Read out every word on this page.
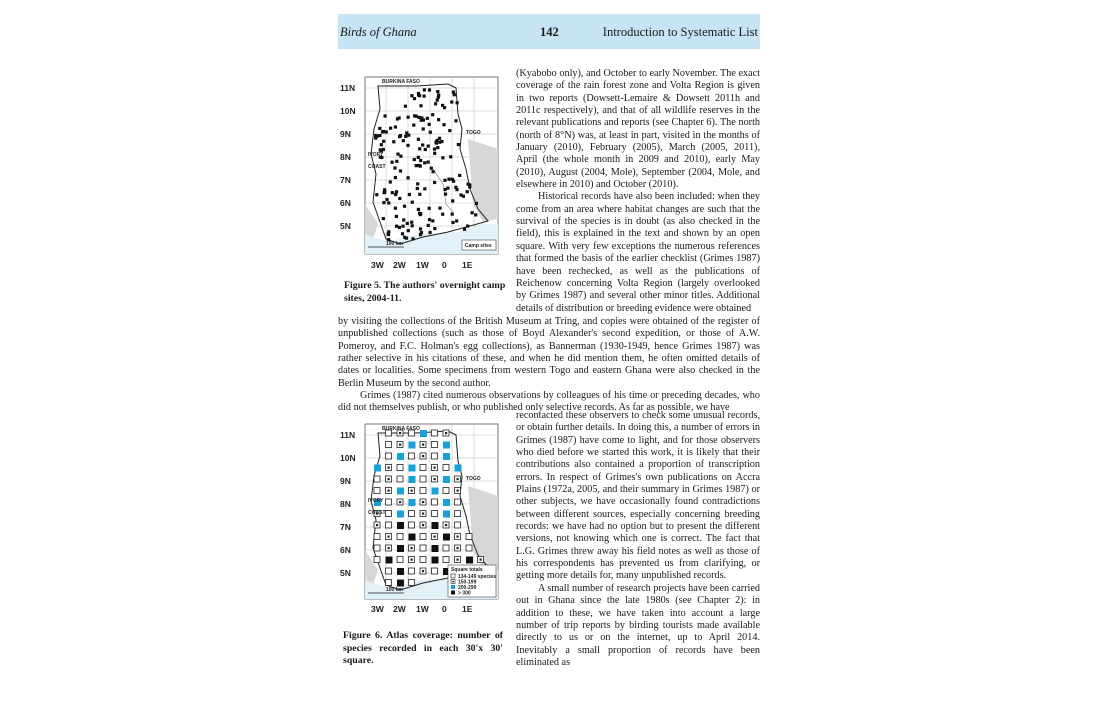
Birds of Ghana	142	Introduction to Systematic List
BURKINA FASO
TOGO
IVORY
COAST
11N
10N
9N
8N
7N
6N
5N
3W 2W 1W 0 1E
100 km	Camp sites
Figure 5. The authors' overnight camp sites, 2004-11.
BURKINA FASO
TOGO
IVORY
COAST
11N
10N
9N
8N
7N
6N
5N
3W 2W 1W 0 1E
100 km
Square totals
134-149 species
150-199
200-299
> 300
Figure 6. Atlas coverage: number of species recorded in each 30'x 30' square.

(Kyabobo only), and October to early November. The exact coverage of the rain forest zone and Volta Region is given in two reports (Dowsett-Lemaire & Dowsett 2011h and 2011c respectively), and that of all wildlife reserves in the relevant publications and reports (see Chapter 6). The north (north of 8°N) was, at least in part, visited in the months of January (2010), February (2005), March (2005, 2011), April (the whole month in 2009 and 2010), early May (2010), August (2004, Mole), September (2004, Mole, and elsewhere in 2010) and October (2010).

Historical records have also been included: when they come from an area where habitat changes are such that the survival of the species is in doubt (as also checked in the field), this is explained in the text and shown by an open square. With very few exceptions the numerous references that formed the basis of the earlier checklist (Grimes 1987) have been rechecked, as well as the publications of Reichenow concerning Volta Region (largely overlooked by Grimes 1987) and several other minor titles. Additional details of distribution or breeding evidence were obtained

by visiting the collections of the British Museum at Tring, and copies were obtained of the register of unpublished collections (such as those of Boyd Alexander's second expedition, or those of A.W. Pomeroy, and F.C. Holman's egg collections), as Bannerman (1930-1949, hence Grimes 1987) was rather selective in his citations of these, and when he did mention them, he often omitted details of dates or localities. Some specimens from western Togo and eastern Ghana were also checked in the Berlin Museum by the second author.

Grimes (1987) cited numerous observations by colleagues of his time or preceding decades, who did not themselves publish, or who published only selective records. As far as possible, we have

recontacted these observers to check some unusual records, or obtain further details. In doing this, a number of errors in Grimes (1987) have come to light, and for those observers who died before we started this work, it is likely that their contributions also contained a proportion of transcription errors. In respect of Grimes's own publications on Accra Plains (1972a, 2005, and their summary in Grimes 1987) or other subjects, we have occasionally found contradictions between different sources, especially concerning breeding records: we have had no option but to present the different versions, not knowing which one is correct. The fact that L.G. Grimes threw away his field notes as well as those of his correspondents has prevented us from clarifying, or getting more details for, many unpublished records.

A small number of research projects have been carried out in Ghana since the late 1980s (see Chapter 2): in addition to these, we have taken into account a large number of trip reports by birding tourists made available directly to us or on the internet, up to April 2014. Inevitably a small proportion of records have been eliminated as
